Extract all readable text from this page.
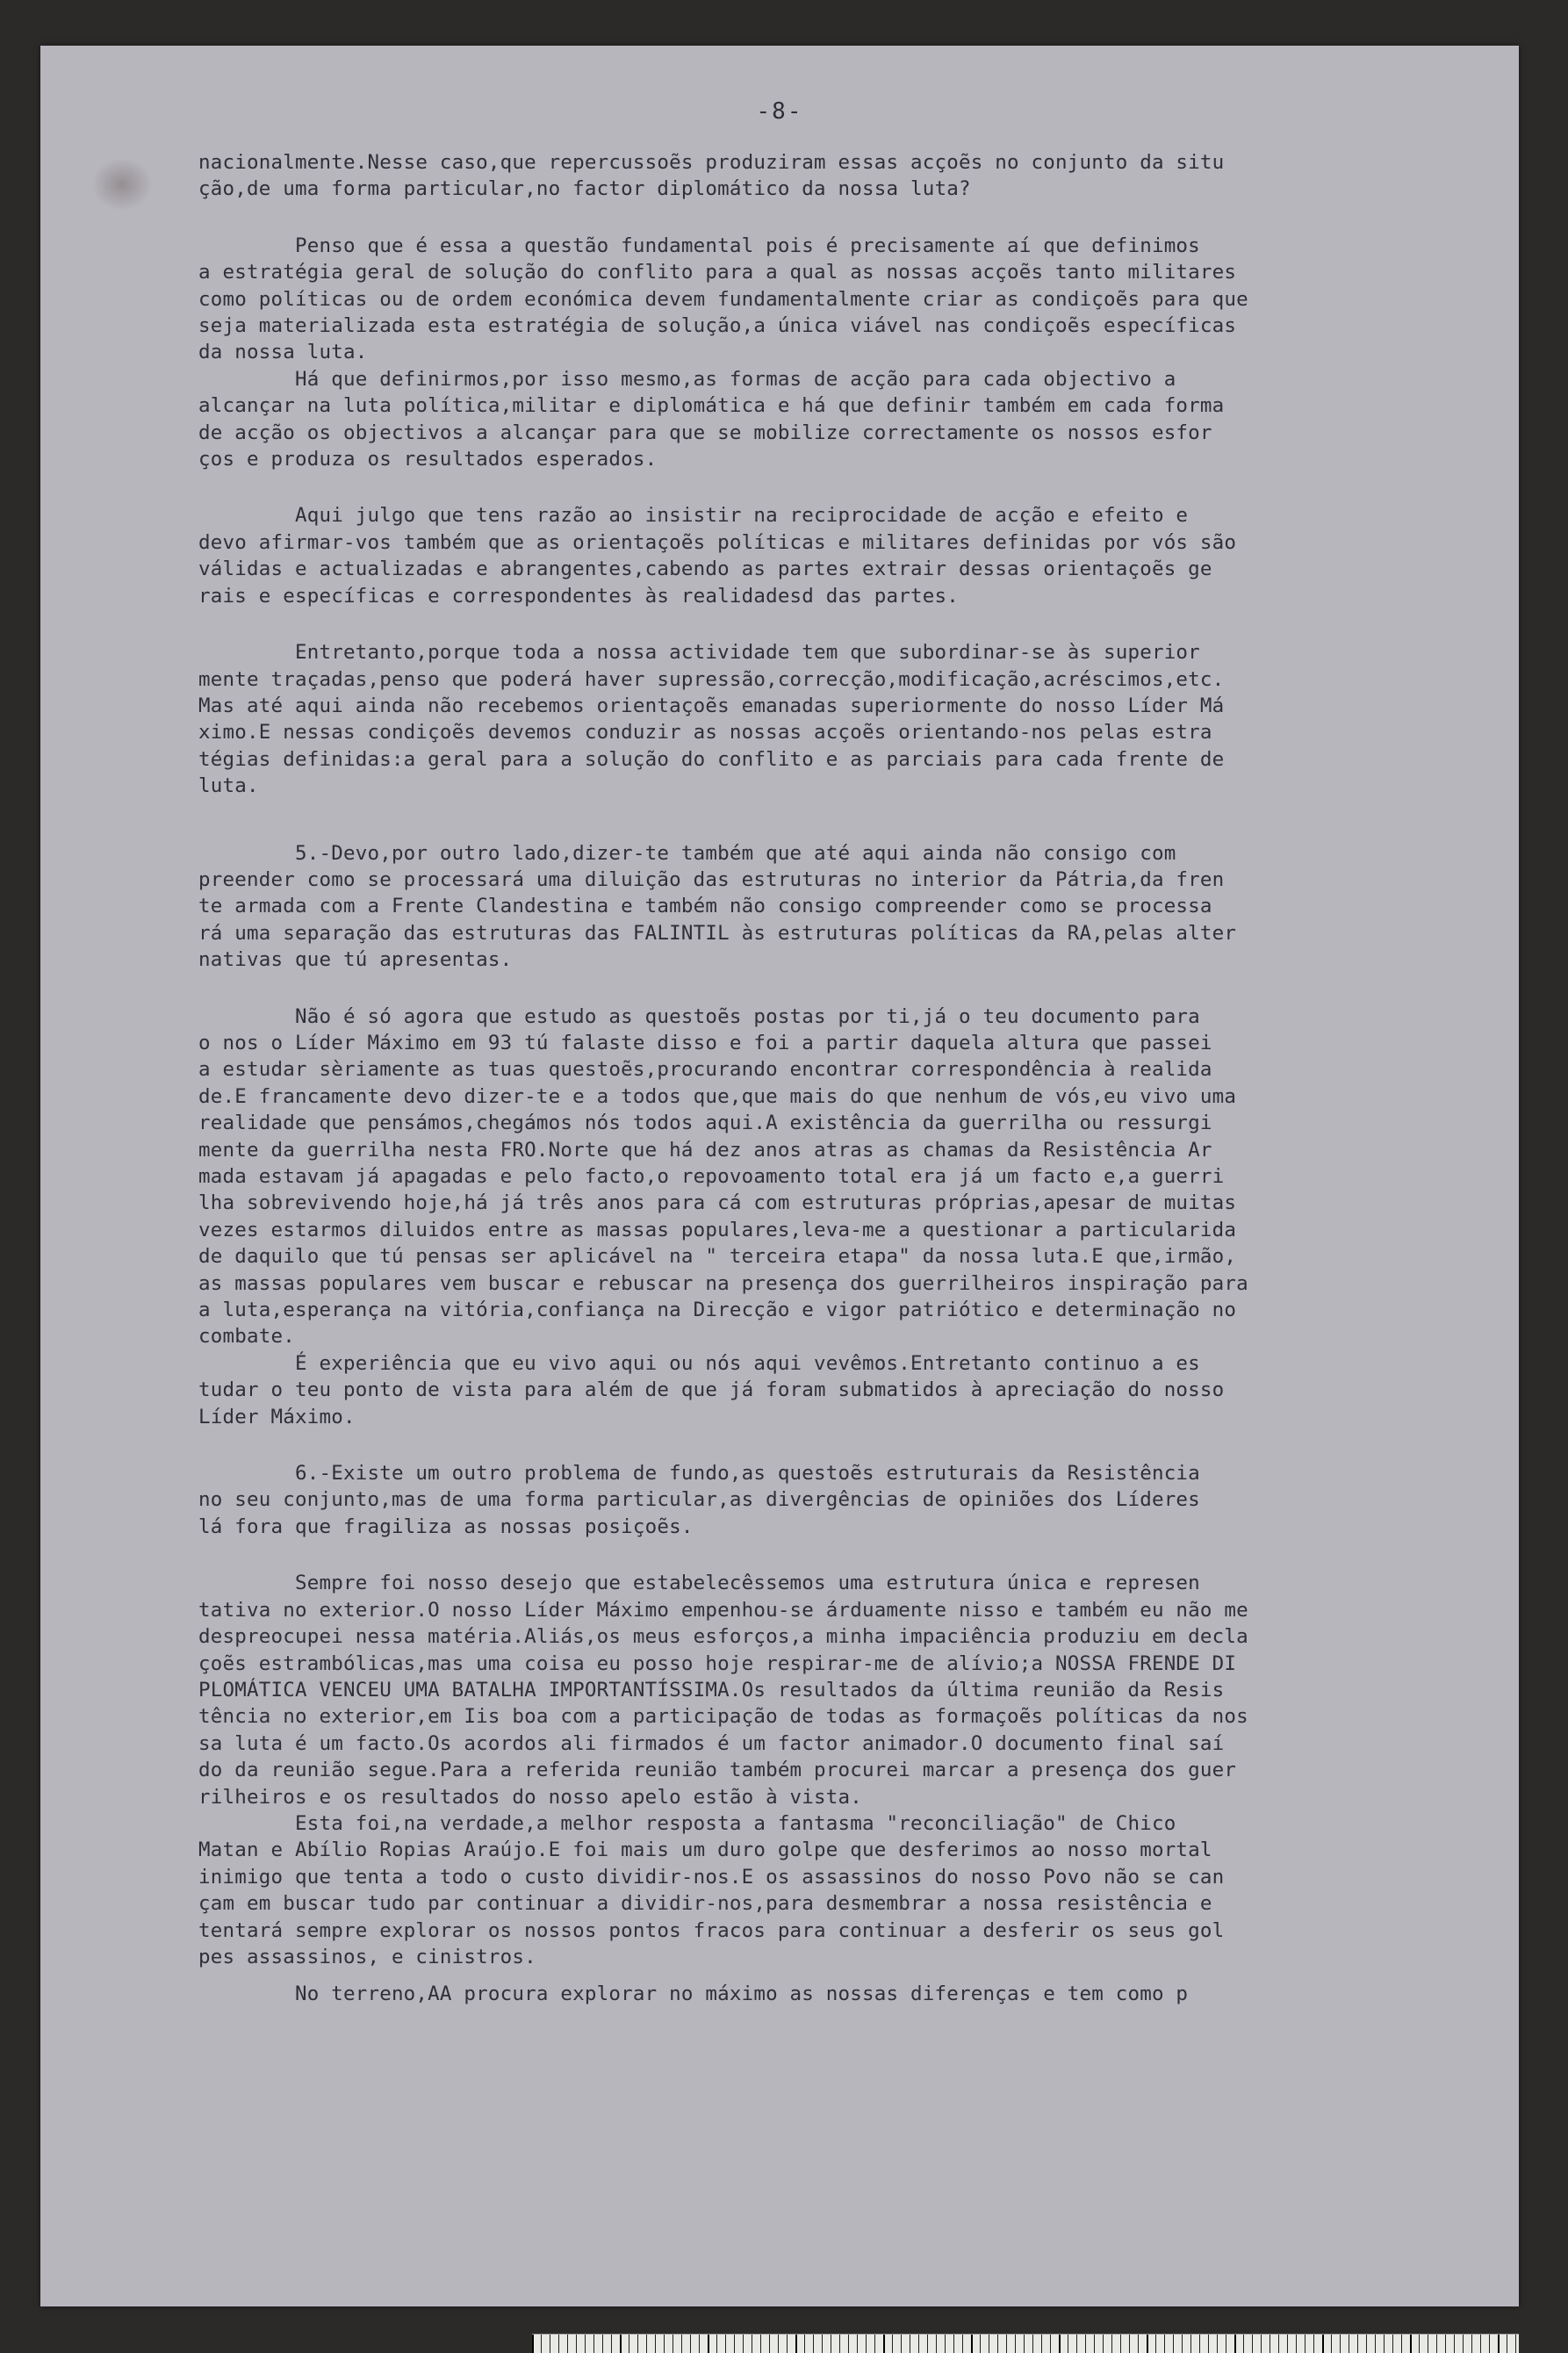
-8-
nacionalmente.Nesse caso,que repercussoẽs produziram essas acçoẽs no conjunto da situ
ção,de uma forma particular,no factor diplomático da nossa luta?
Penso que é essa a questão fundamental pois é precisamente aí que definimos
a estratégia geral de solução do conflito para a qual as nossas acçoẽs tanto militares
como políticas ou de ordem económica devem fundamentalmente criar as condiçoẽs para que
seja materializada esta estratégia de solução,a única viável nas condiçoẽs específicas
da nossa luta.
Há que definirmos,por isso mesmo,as formas de acção para cada objectivo a
alcançar na luta política,militar e diplomática e há que definir também em cada forma
de acção os objectivos a alcançar para que se mobilize correctamente os nossos esfor
ços e produza os resultados esperados.
Aqui julgo que tens razão ao insistir na reciprocidade de acção e efeito e
devo afirmar-vos também que as orientaçoẽs políticas e militares definidas por vós são
válidas e actualizadas e abrangentes,cabendo as partes extrair dessas orientaçoẽs ge
rais e específicas e correspondentes às realidadesd das partes.
Entretanto,porque toda a nossa actividade tem que subordinar-se às superior
mente traçadas,penso que poderá haver supressão,correcção,modificação,acréscimos,etc.
Mas até aqui ainda não recebemos orientaçoẽs emanadas superiormente do nosso Líder Má
ximo.E nessas condiçoẽs devemos conduzir as nossas acçoẽs orientando-nos pelas estra
tégias definidas:a geral para a solução do conflito e as parciais para cada frente de
luta.
5.-Devo,por outro lado,dizer-te também que até aqui ainda não consigo com
preender como se processará uma diluição das estruturas no interior da Pátria,da fren
te armada com a Frente Clandestina e também não consigo compreender como se processa
rá uma separação das estruturas das FALINTIL às estruturas políticas da RA,pelas alter
nativas que tú apresentas.
Não é só agora que estudo as questoẽs postas por ti,já o teu documento para
o nos o Líder Máximo em 93 tú falaste disso e foi a partir daquela altura que passei
a estudar sèriamente as tuas questoẽs,procurando encontrar correspondência à realida
de.E francamente devo dizer-te e a todos que,que mais do que nenhum de vós,eu vivo uma
realidade que pensámos,chegámos nós todos aqui.A existência da guerrilha ou ressurgi
mente da guerrilha nesta FRO.Norte que há dez anos atras as chamas da Resistência Ar
mada estavam já apagadas e pelo facto,o repovoamento total era já um facto e,a guerri
lha sobrevivendo hoje,há já três anos para cá com estruturas próprias,apesar de muitas
vezes estarmos diluidos entre as massas populares,leva-me a questionar a particularida
de daquilo que tú pensas ser aplicável na " terceira etapa" da nossa luta.E que,irmão,
as massas populares vem buscar e rebuscar na presença dos guerrilheiros inspiração para
a luta,esperança na vitória,confiança na Direcção e vigor patriótico e determinação no
combate.
É experiência que eu vivo aqui ou nós aqui vevêmos.Entretanto continuo a es
tudar o teu ponto de vista para além de que já foram submatidos à apreciação do nosso
Líder Máximo.
6.-Existe um outro problema de fundo,as questoẽs estruturais da Resistência
no seu conjunto,mas de uma forma particular,as divergências de opiniões dos Líderes
lá fora que fragiliza as nossas posiçoẽs.
Sempre foi nosso desejo que estabelecêssemos uma estrutura única e represen
tativa no exterior.O nosso Líder Máximo empenhou-se árduamente nisso e também eu não me
despreocupei nessa matéria.Aliás,os meus esforços,a minha impaciência produziu em decla
çoẽs estrambólicas,mas uma coisa eu posso hoje respirar-me de alívio;a NOSSA FRENDE DI
PLOMÁTICA VENCEU UMA BATALHA IMPORTANTÍSSIMA.Os resultados da última reunião da Resis
tência no exterior,em Iis boa com a participação de todas as formaçoẽs políticas da nos
sa luta é um facto.Os acordos ali firmados é um factor animador.O documento final saí
do da reunião segue.Para a referida reunião também procurei marcar a presença dos guer
rilheiros e os resultados do nosso apelo estão à vista.
Esta foi,na verdade,a melhor resposta a fantasma "reconciliação" de Chico
Matan e Abílio Ropias Araújo.E foi mais um duro golpe que desferimos ao nosso mortal
inimigo que tenta a todo o custo dividir-nos.E os assassinos do nosso Povo não se can
çam em buscar tudo par continuar a dividir-nos,para desmembrar a nossa resistência e
tentará sempre explorar os nossos pontos fracos para continuar a desferir os seus gol
pes assassinos, e cinistros.
No terreno,AA procura explorar no máximo as nossas diferenças e tem como p
